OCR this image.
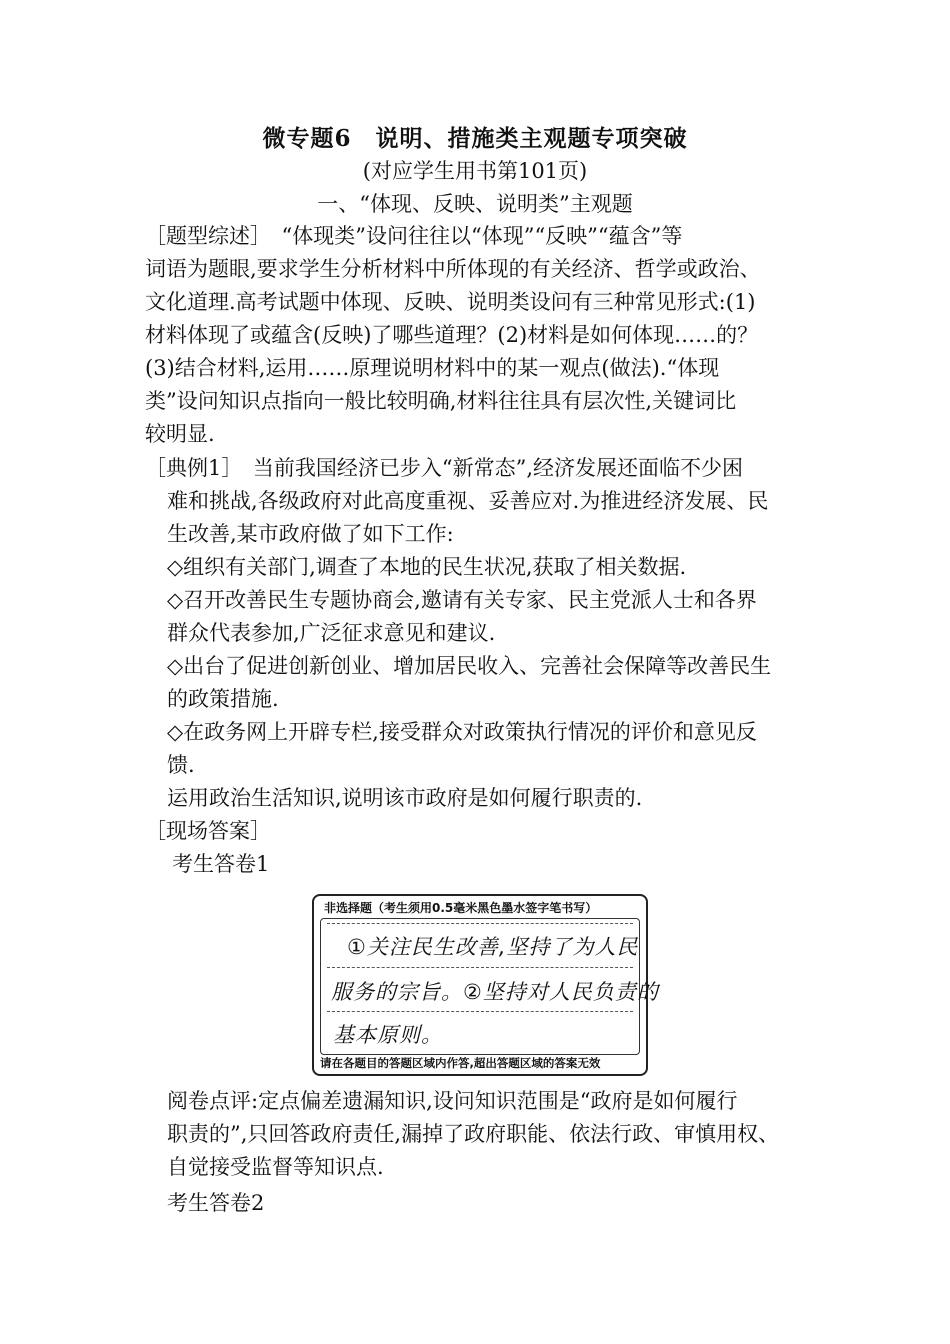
微专题6　说明、措施类主观题专项突破
(对应学生用书第101页)
一、“体现、反映、说明类”主观题
［题型综述］　“体现类”设问往往以“体现”“反映”“蕴含”等
词语为题眼,要求学生分析材料中所体现的有关经济、哲学或政治、
文化道理.高考试题中体现、反映、说明类设问有三种常见形式:(1)
材料体现了或蕴含(反映)了哪些道理？(2)材料是如何体现……的？
(3)结合材料,运用……原理说明材料中的某一观点(做法).“体现
类”设问知识点指向一般比较明确,材料往往具有层次性,关键词比
较明显.
［典例1］　当前我国经济已步入“新常态”,经济发展还面临不少困
难和挑战,各级政府对此高度重视、妥善应对.为推进经济发展、民
生改善,某市政府做了如下工作:
◇组织有关部门,调查了本地的民生状况,获取了相关数据.
◇召开改善民生专题协商会,邀请有关专家、民主党派人士和各界
群众代表参加,广泛征求意见和建议.
◇出台了促进创新创业、增加居民收入、完善社会保障等改善民生
的政策措施.
◇在政务网上开辟专栏,接受群众对政策执行情况的评价和意见反
馈.
运用政治生活知识,说明该市政府是如何履行职责的.
［现场答案］
考生答卷1
非选择题（考生须用0.5毫米黑色墨水签字笔书写）
①关注民生改善,坚持了为人民
服务的宗旨。②坚持对人民负责的
基本原则。
请在各题目的答题区域内作答,超出答题区域的答案无效
阅卷点评:定点偏差遗漏知识,设问知识范围是“政府是如何履行
职责的”,只回答政府责任,漏掉了政府职能、依法行政、审慎用权、
自觉接受监督等知识点.
考生答卷2
